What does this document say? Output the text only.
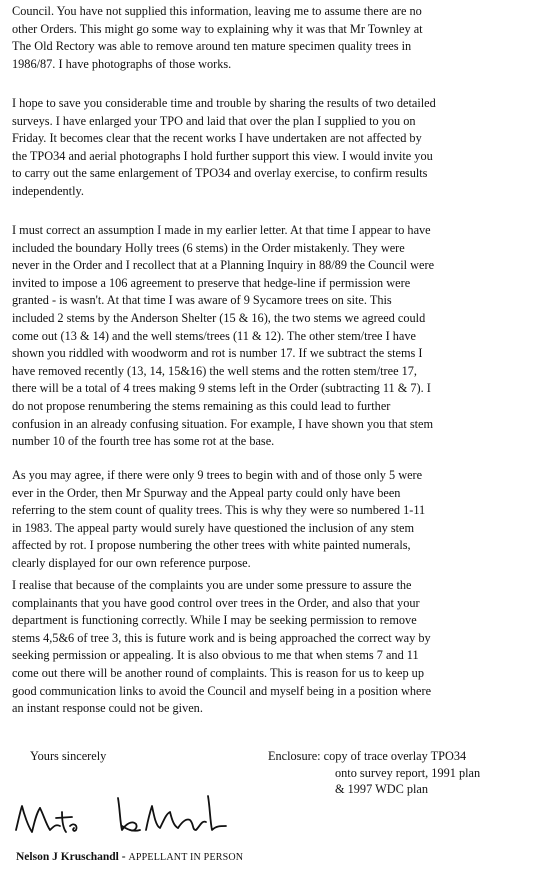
Council. You have not supplied this information, leaving me to assume there are no
other Orders. This might go some way to explaining why it was that Mr Townley at
The Old Rectory was able to remove around ten mature specimen quality trees in
1986/87. I have photographs of those works.
I hope to save you considerable time and trouble by sharing the results of two detailed
surveys. I have enlarged your TPO and laid that over the plan I supplied to you on
Friday. It becomes clear that the recent works I have undertaken are not affected by
the TPO34 and aerial photographs I hold further support this view. I would invite you
to carry out the same enlargement of TPO34 and overlay exercise, to confirm results
independently.
I must correct an assumption I made in my earlier letter. At that time I appear to have
included the boundary Holly trees (6 stems) in the Order mistakenly. They were
never in the Order and I recollect that at a Planning Inquiry in 88/89 the Council were
invited to impose a 106 agreement to preserve that hedge-line if permission were
granted - is wasn't. At that time I was aware of 9 Sycamore trees on site. This
included 2 stems by the Anderson Shelter (15 & 16), the two stems we agreed could
come out (13 & 14) and the well stems/trees (11 & 12). The other stem/tree I have
shown you riddled with woodworm and rot is number 17. If we subtract the stems I
have removed recently (13, 14, 15&16) the well stems and the rotten stem/tree 17,
there will be a total of 4 trees making 9 stems left in the Order (subtracting 11 & 7). I
do not propose renumbering the stems remaining as this could lead to further
confusion in an already confusing situation. For example, I have shown you that stem
number 10 of the fourth tree has some rot at the base.
As you may agree, if there were only 9 trees to begin with and of those only 5 were
ever in the Order, then Mr Spurway and the Appeal party could only have been
referring to the stem count of quality trees. This is why they were so numbered 1-11
in 1983. The appeal party would surely have questioned the inclusion of any stem
affected by rot. I propose numbering the other trees with white painted numerals,
clearly displayed for our own reference purpose.
I realise that because of the complaints you are under some pressure to assure the
complainants that you have good control over trees in the Order, and also that your
department is functioning correctly. While I may be seeking permission to remove
stems 4,5&6 of tree 3, this is future work and is being approached the correct way by
seeking permission or appealing. It is also obvious to me that when stems 7 and 11
come out there will be another round of complaints. This is reason for us to keep up
good communication links to avoid the Council and myself being in a position where
an instant response could not be given.
Yours sincerely	Enclosure: copy of trace overlay TPO34
onto survey report, 1991 plan
& 1997 WDC plan
Nelson J Kruschandl - APPELLANT IN PERSON
